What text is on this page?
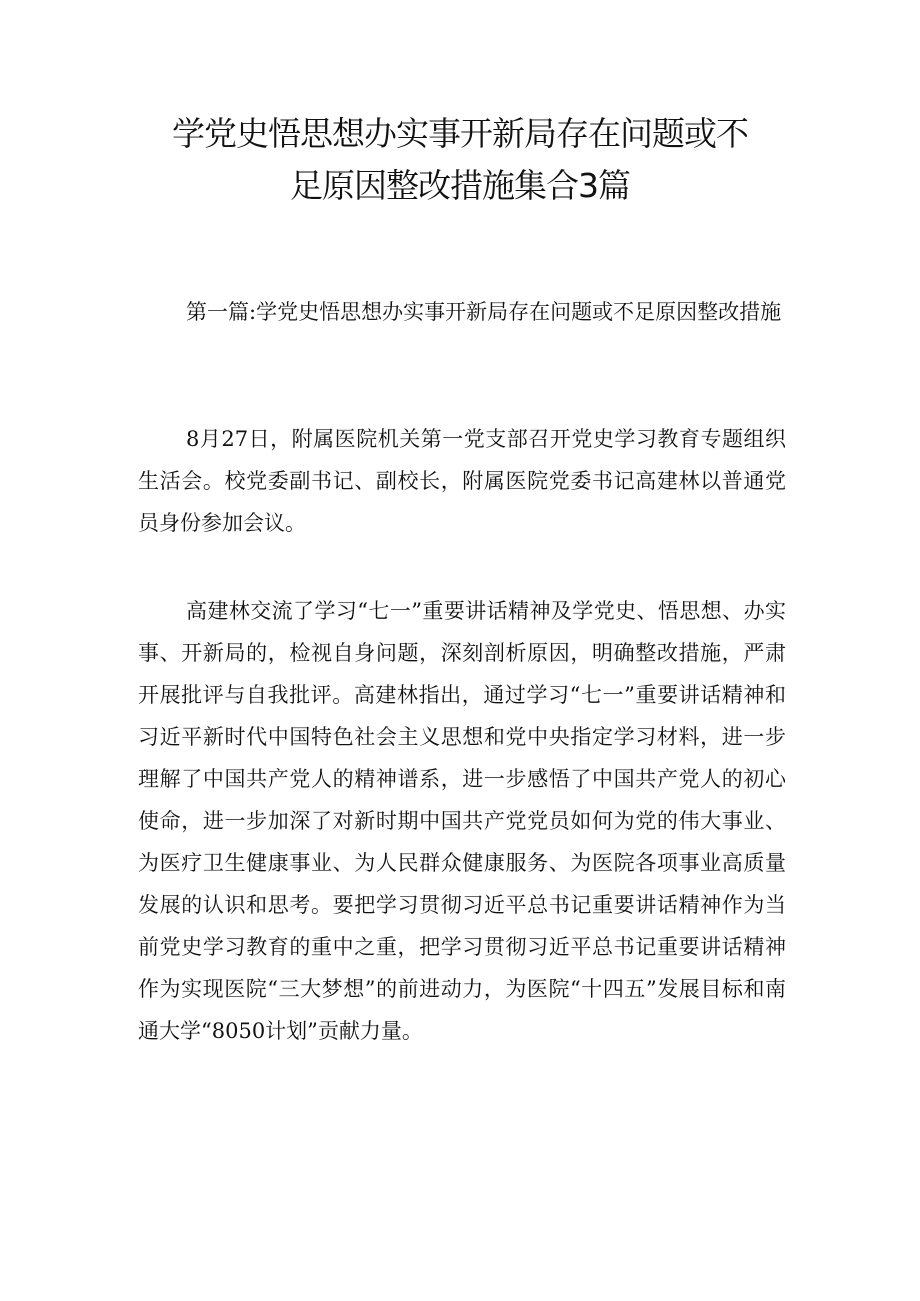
学党史悟思想办实事开新局存在问题或不
足原因整改措施集合3篇

第一篇:学党史悟思想办实事开新局存在问题或不足原因整改措施

8月27日，附属医院机关第一党支部召开党史学习教育专题组织生活会。校党委副书记、副校长，附属医院党委书记高建林以普通党员身份参加会议。

高建林交流了学习“七一”重要讲话精神及学党史、悟思想、办实事、开新局的，检视自身问题，深刻剖析原因，明确整改措施，严肃开展批评与自我批评。高建林指出，通过学习“七一”重要讲话精神和习近平新时代中国特色社会主义思想和党中央指定学习材料，进一步理解了中国共产党人的精神谱系，进一步感悟了中国共产党人的初心使命，进一步加深了对新时期中国共产党党员如何为党的伟大事业、为医疗卫生健康事业、为人民群众健康服务、为医院各项事业高质量发展的认识和思考。要把学习贯彻习近平总书记重要讲话精神作为当前党史学习教育的重中之重，把学习贯彻习近平总书记重要讲话精神作为实现医院“三大梦想”的前进动力，为医院“十四五”发展目标和南通大学“8050计划”贡献力量。
